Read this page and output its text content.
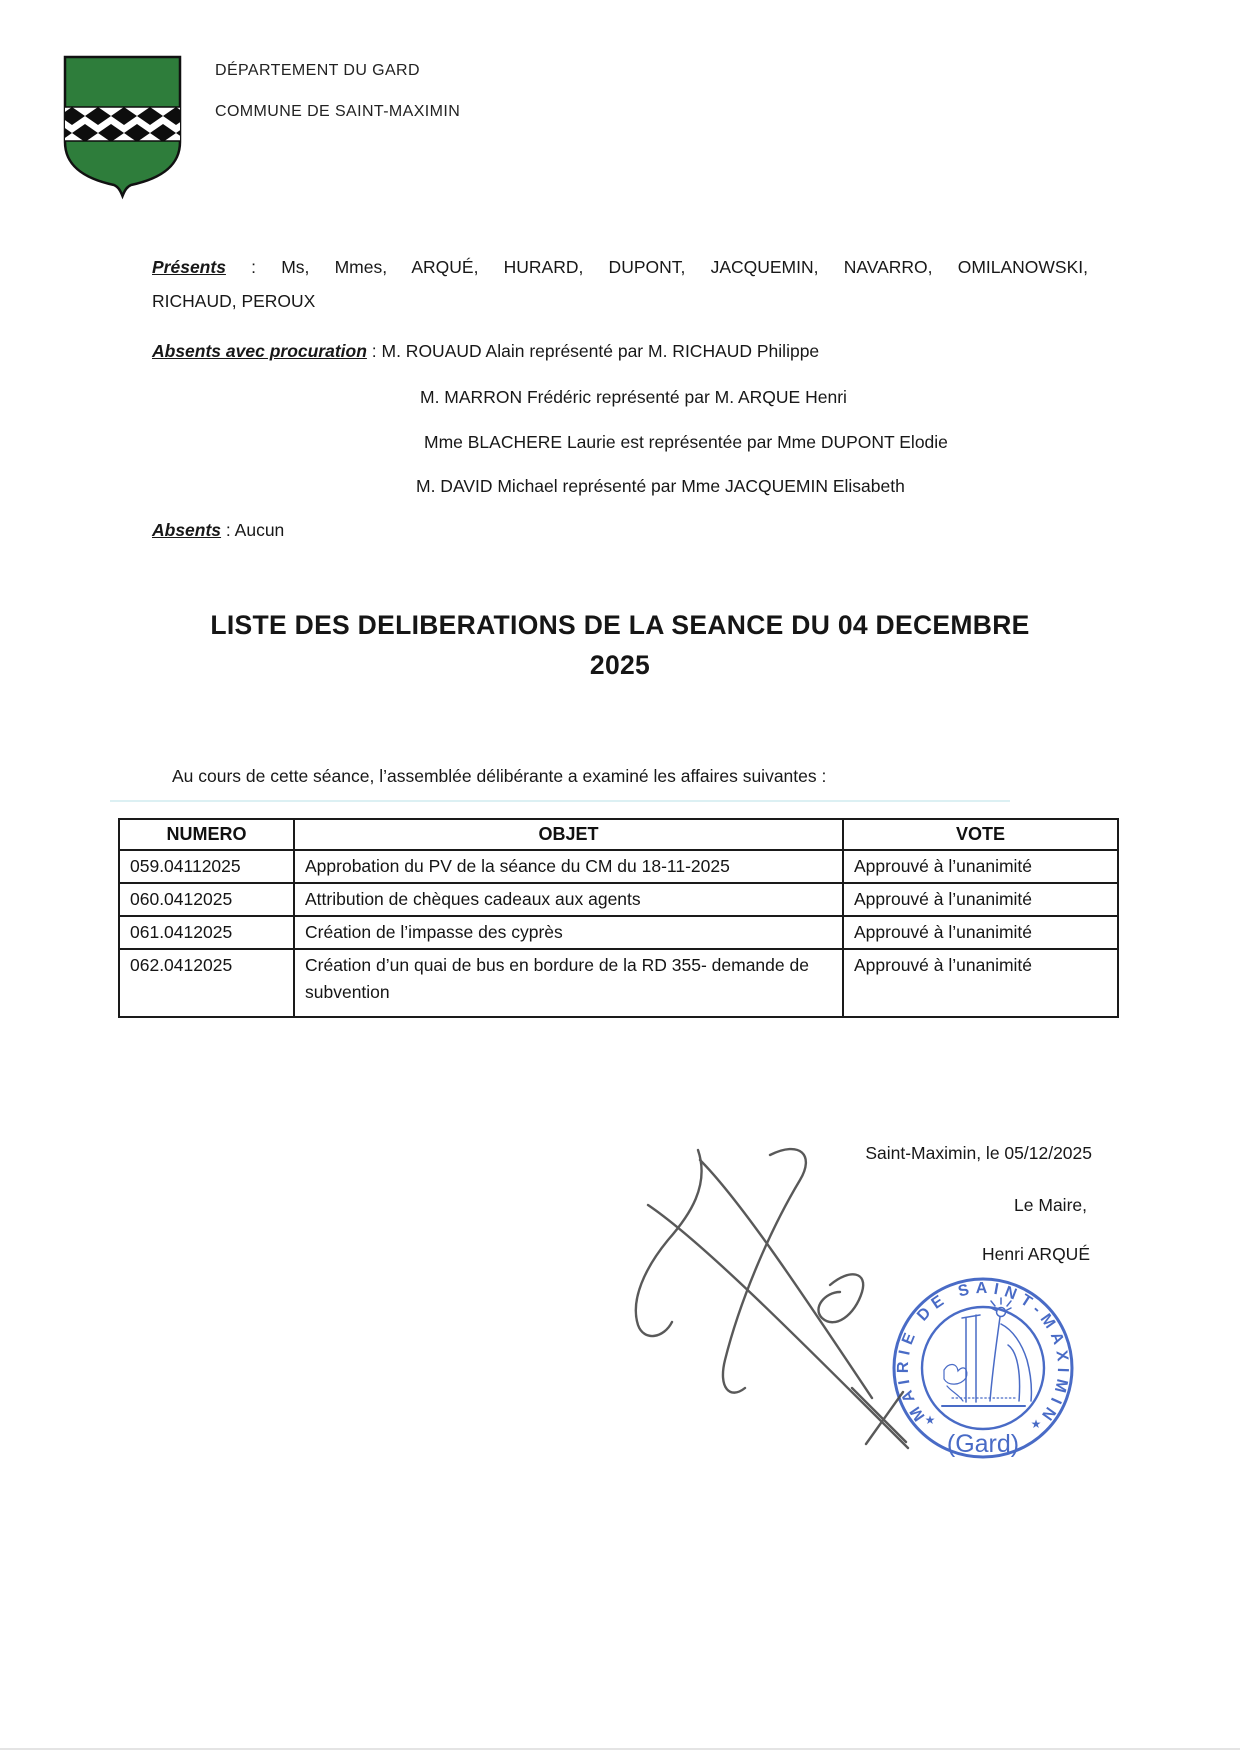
DÉPARTEMENT DU GARD
COMMUNE DE SAINT-MAXIMIN
Présents : Ms, Mmes, ARQUÉ, HURARD, DUPONT, JACQUEMIN, NAVARRO, OMILANOWSKI,
RICHAUD, PEROUX
Absents avec procuration : M. ROUAUD Alain représenté par M. RICHAUD Philippe
M. MARRON Frédéric représenté par M. ARQUE Henri
Mme BLACHERE Laurie est représentée par Mme DUPONT Elodie
M. DAVID Michael représenté par Mme JACQUEMIN Elisabeth
Absents : Aucun
LISTE DES DELIBERATIONS DE LA SEANCE DU 04 DECEMBRE
2025
Au cours de cette séance, l’assemblée délibérante a examiné les affaires suivantes :
NUMERO	OBJET	VOTE
059.04112025	Approbation du PV de la séance du CM du 18-11-2025	Approuvé à l’unanimité
060.0412025	Attribution de chèques cadeaux aux agents	Approuvé à l’unanimité
061.0412025	Création de l’impasse des cyprès	Approuvé à l’unanimité
062.0412025	Création d’un quai de bus en bordure de la RD 355- demande de subvention	Approuvé à l’unanimité
Saint-Maximin, le 05/12/2025
Le Maire,
Henri ARQUÉ
MAIRIE DE SAINT-MAXIMIN
(Gard)
★	★
